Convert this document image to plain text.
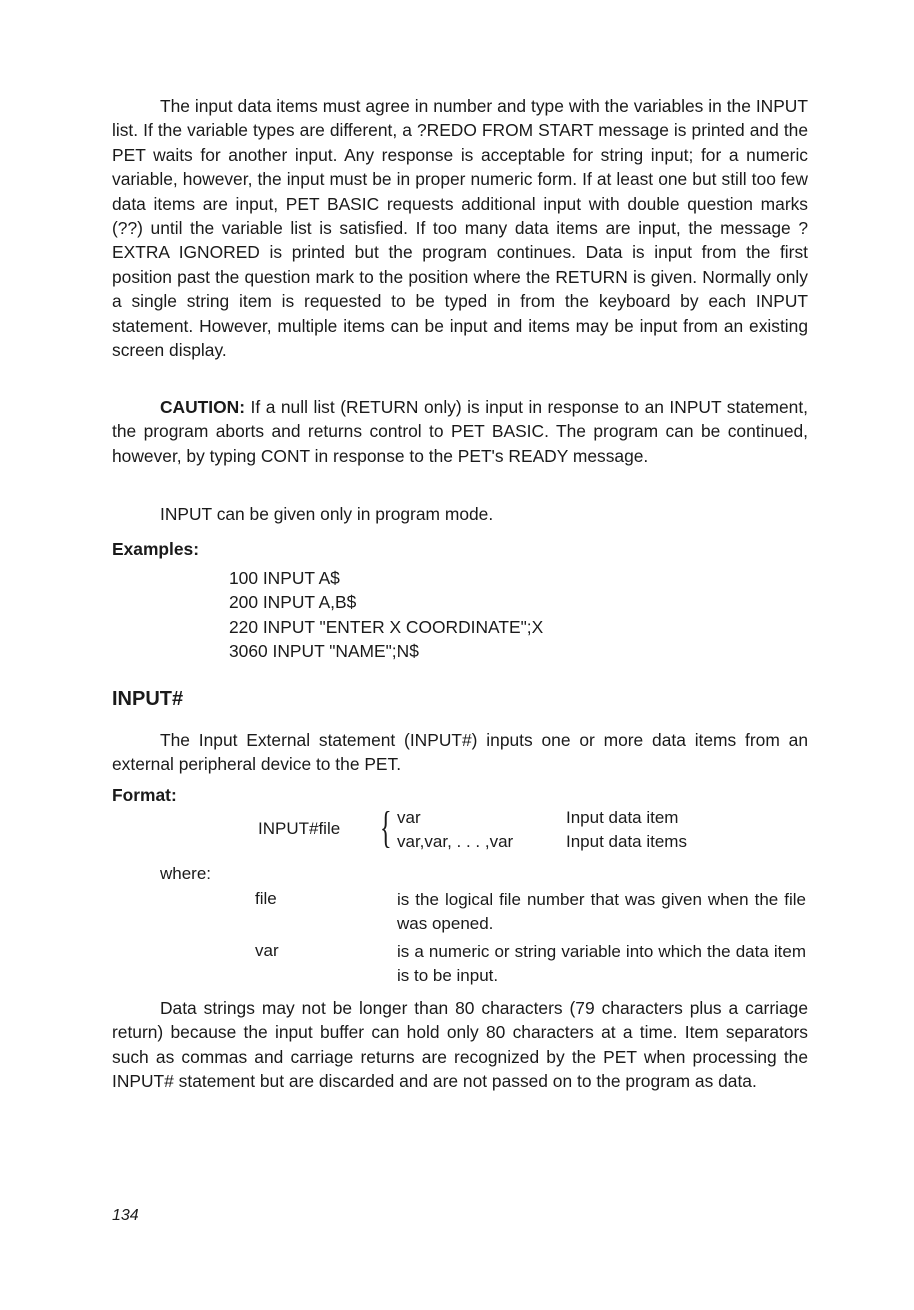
The input data items must agree in number and type with the variables in the INPUT list. If the variable types are different, a ?REDO FROM START message is printed and the PET waits for another input. Any response is acceptable for string input; for a numeric variable, however, the input must be in proper numeric form. If at least one but still too few data items are input, PET BASIC requests additional input with double question marks (??) until the variable list is satisfied. If too many data items are input, the message ?EXTRA IGNORED is printed but the program continues. Data is input from the first position past the question mark to the position where the RETURN is given. Normally only a single string item is requested to be typed in from the keyboard by each INPUT statement. However, multiple items can be input and items may be input from an existing screen display.

CAUTION: If a null list (RETURN only) is input in response to an INPUT statement, the program aborts and returns control to PET BASIC. The program can be continued, however, by typing CONT in response to the PET's READY message.

INPUT can be given only in program mode.

Examples:

100 INPUT A$
200 INPUT A,B$
220 INPUT "ENTER X COORDINATE";X
3060 INPUT "NAME";N$
INPUT#

The Input External statement (INPUT#) inputs one or more data items from an external peripheral device to the PET.

Format:

INPUT#file { var
var,var, . . . ,var
Input data item
Input data items
where:
file	is the logical file number that was given when the file was opened.

var	is a numeric or string variable into which the data item is to be input.

Data strings may not be longer than 80 characters (79 characters plus a carriage return) because the input buffer can hold only 80 characters at a time. Item separators such as commas and carriage returns are recognized by the PET when processing the INPUT# statement but are discarded and are not passed on to the program as data.

134
